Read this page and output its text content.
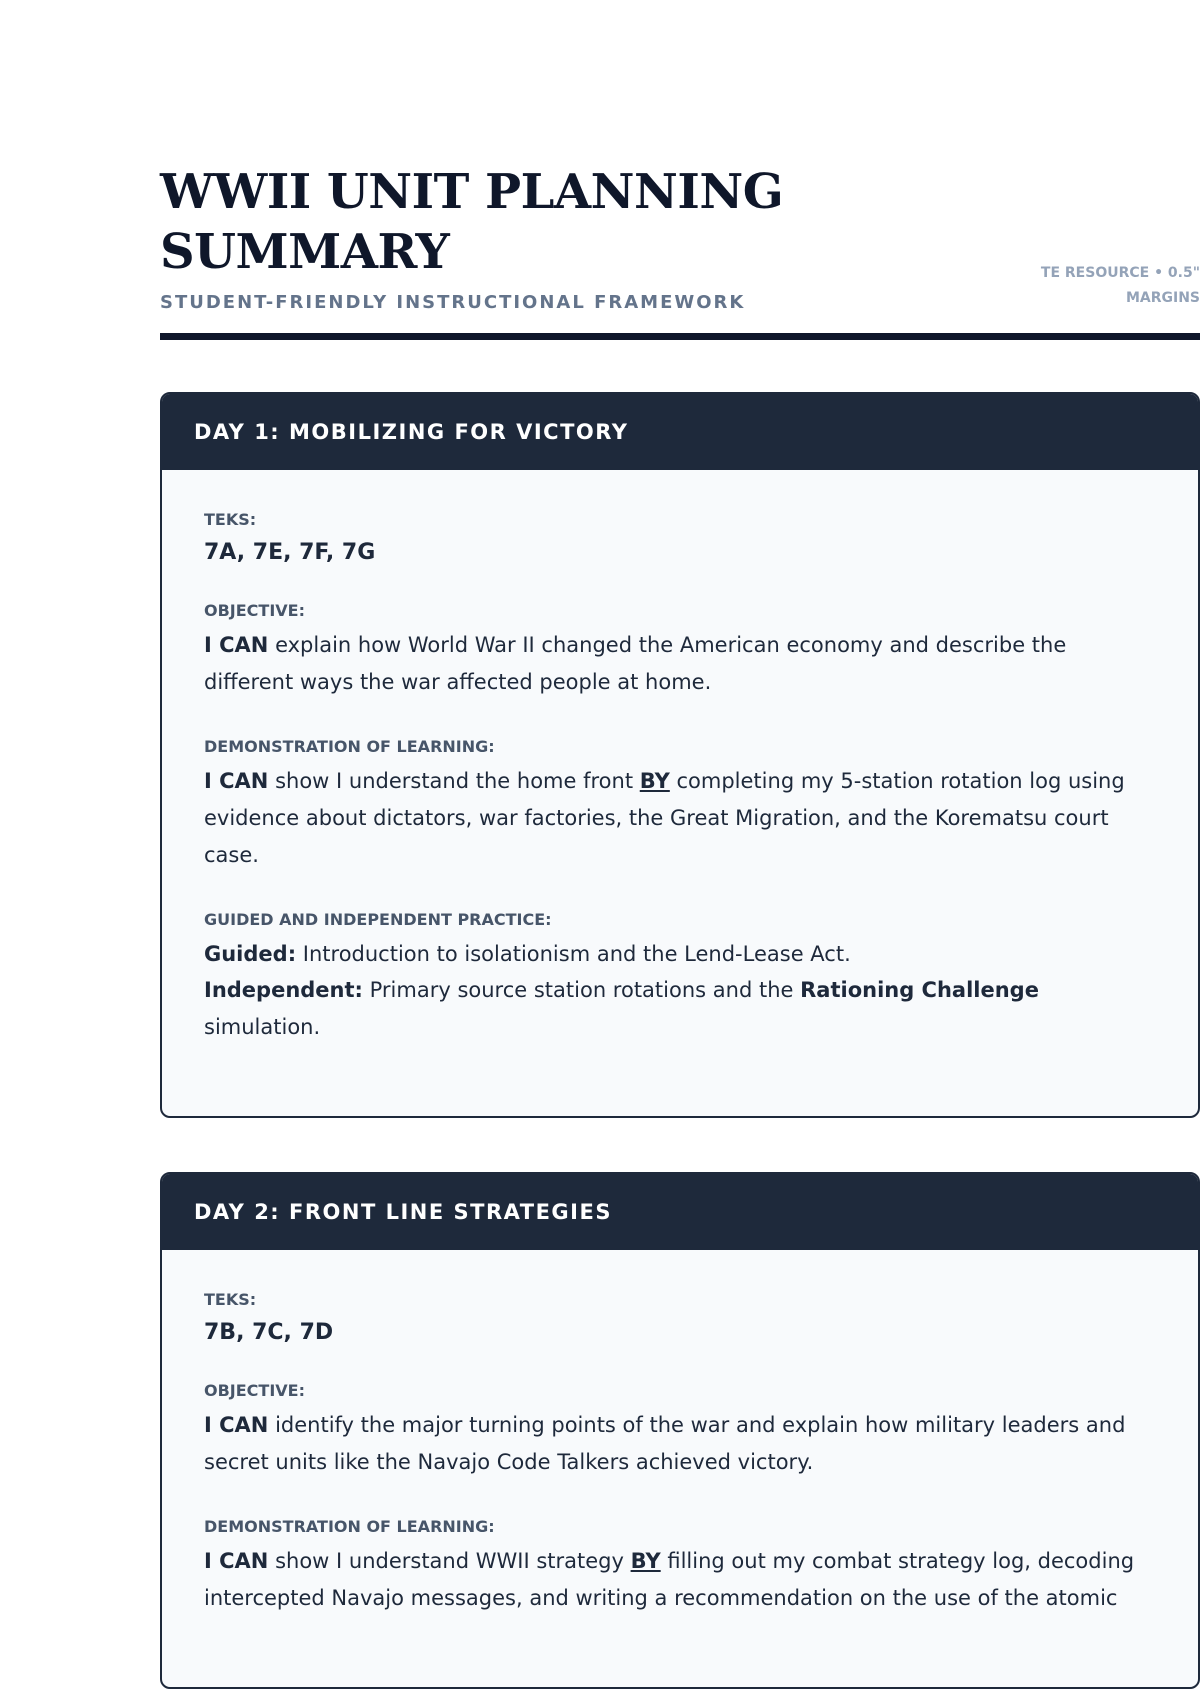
WWII UNIT PLANNING SUMMARY
STUDENT-FRIENDLY INSTRUCTIONAL FRAMEWORK
TE RESOURCE • 0.5"
MARGINS
DAY 1: MOBILIZING FOR VICTORY
TEKS:
7A, 7E, 7F, 7G
OBJECTIVE:
I CAN explain how World War II changed the American economy and describe the different ways the war affected people at home.
DEMONSTRATION OF LEARNING:
I CAN show I understand the home front BY completing my 5-station rotation log using evidence about dictators, war factories, the Great Migration, and the Korematsu court case.
GUIDED AND INDEPENDENT PRACTICE:
Guided: Introduction to isolationism and the Lend-Lease Act.
Independent: Primary source station rotations and the Rationing Challenge simulation.
DAY 2: FRONT LINE STRATEGIES
TEKS:
7B, 7C, 7D
OBJECTIVE:
I CAN identify the major turning points of the war and explain how military leaders and secret units like the Navajo Code Talkers achieved victory.
DEMONSTRATION OF LEARNING:
I CAN show I understand WWII strategy BY filling out my combat strategy log, decoding intercepted Navajo messages, and writing a recommendation on the use of the atomic
